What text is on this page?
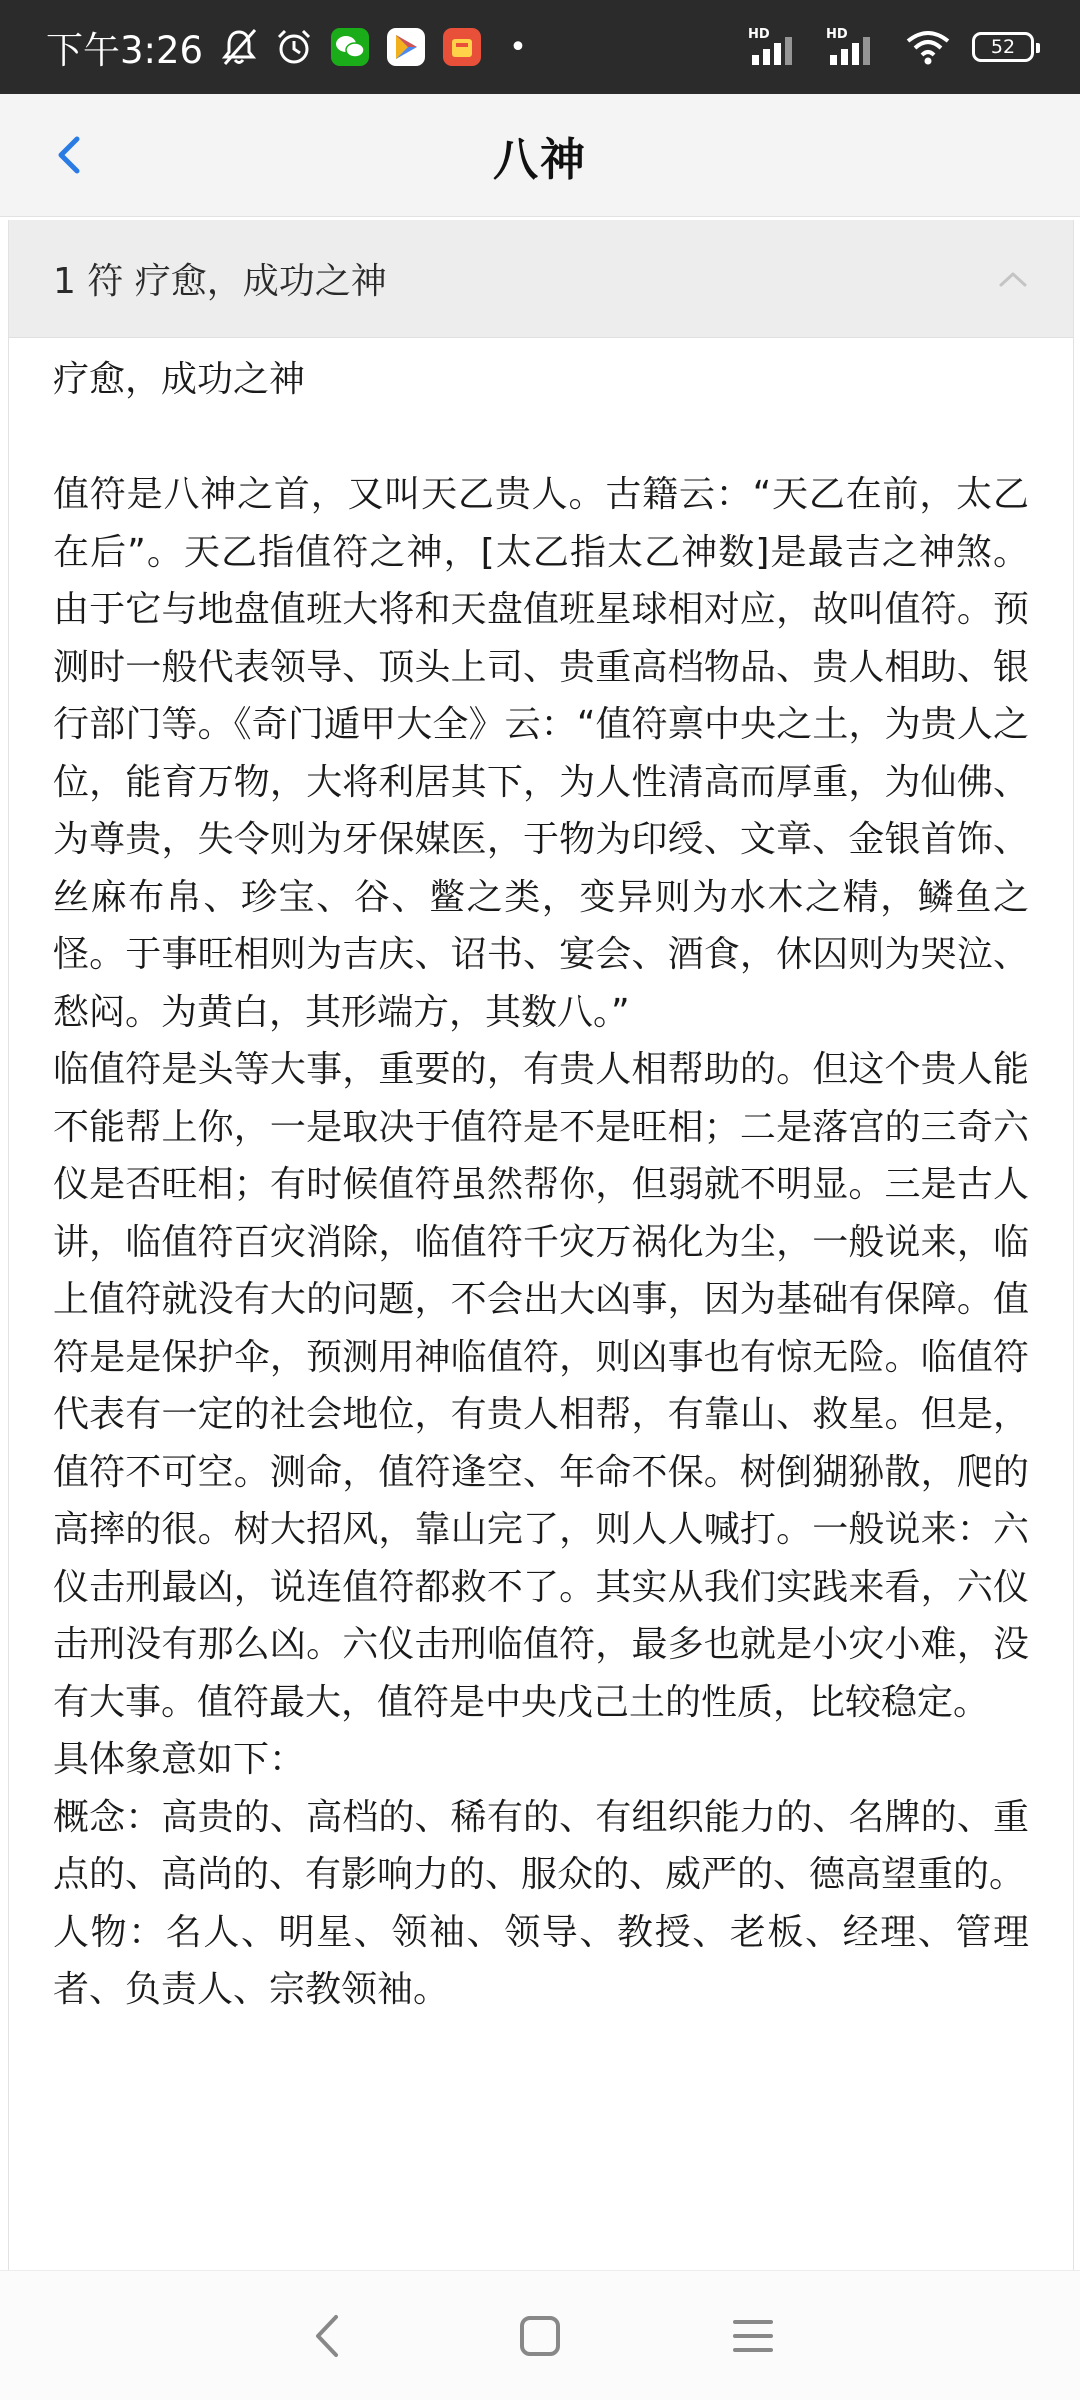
下午3:26	•	HD	HD
52
八神
1 符 疗愈，成功之神

疗愈，成功之神

值符是八神之首，又叫天乙贵人。古籍云：“天乙在前，太乙在后”。天乙指值符之神，[太乙指太乙神数]是最吉之神煞。由于它与地盘值班大将和天盘值班星球相对应，故叫值符。预测时一般代表领导、顶头上司、贵重高档物品、贵人相助、银行部门等。《奇门遁甲大全》云：“值符禀中央之土，为贵人之位，能育万物，大将利居其下，为人性清高而厚重，为仙佛、为尊贵，失令则为牙保媒医，于物为印绶、文章、金银首饰、丝麻布帛、珍宝、谷、鳖之类，变异则为水木之精，鳞鱼之怪。于事旺相则为吉庆、诏书、宴会、酒食，休囚则为哭泣、愁闷。为黄白，其形端方，其数八。”

临值符是头等大事，重要的，有贵人相帮助的。但这个贵人能不能帮上你，一是取决于值符是不是旺相；二是落宫的三奇六仪是否旺相；有时候值符虽然帮你，但弱就不明显。三是古人讲，临值符百灾消除，临值符千灾万祸化为尘，一般说来，临上值符就没有大的问题，不会出大凶事，因为基础有保障。值符是是保护伞，预测用神临值符，则凶事也有惊无险。临值符代表有一定的社会地位，有贵人相帮，有靠山、救星。但是，值符不可空。测命，值符逢空、年命不保。树倒猢狲散，爬的高摔的很。树大招风，靠山完了，则人人喊打。一般说来：六仪击刑最凶，说连值符都救不了。其实从我们实践来看，六仪击刑没有那么凶。六仪击刑临值符，最多也就是小灾小难，没有大事。值符最大，值符是中央戊己土的性质，比较稳定。

具体象意如下：

概念：高贵的、高档的、稀有的、有组织能力的、名牌的、重点的、高尚的、有影响力的、服众的、威严的、德高望重的。

人物：名人、明星、领袖、领导、教授、老板、经理、管理者、负责人、宗教领袖。
